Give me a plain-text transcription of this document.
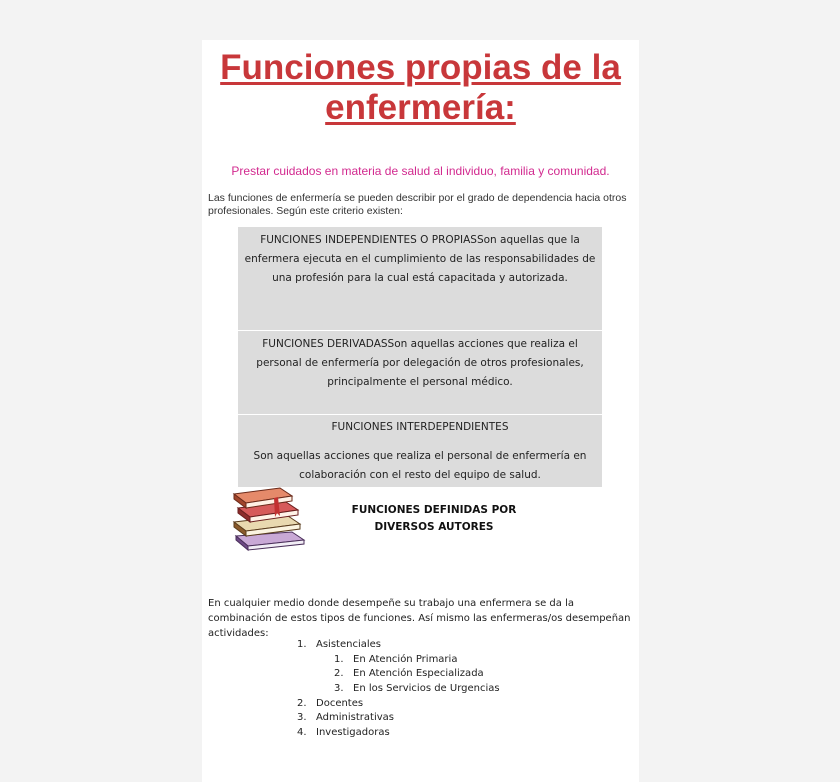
Funciones propias de la enfermería:
Prestar cuidados en materia de salud al individuo, familia y comunidad.
Las funciones de enfermería se pueden describir por el grado de dependencia hacia otros profesionales. Según este criterio existen:
FUNCIONES INDEPENDIENTES O PROPIASSon aquellas que la enfermera ejecuta en el cumplimiento de las responsabilidades de una profesión para la cual está capacitada y autorizada.
FUNCIONES DERIVADASSon aquellas acciones que realiza el personal de enfermería por delegación de otros profesionales, principalmente el personal médico.
FUNCIONES INTERDEPENDIENTES
Son aquellas acciones que realiza el personal de enfermería en colaboración con el resto del equipo de salud.
FUNCIONES DEFINIDAS POR DIVERSOS AUTORES
En cualquier medio donde desempeñe su trabajo una enfermera se da la combinación de estos tipos de funciones. Así mismo las enfermeras/os desempeñan actividades:
1. Asistenciales
1. En Atención Primaria
2. En Atención Especializada
3. En los Servicios de Urgencias
2. Docentes
3. Administrativas
4. Investigadoras
